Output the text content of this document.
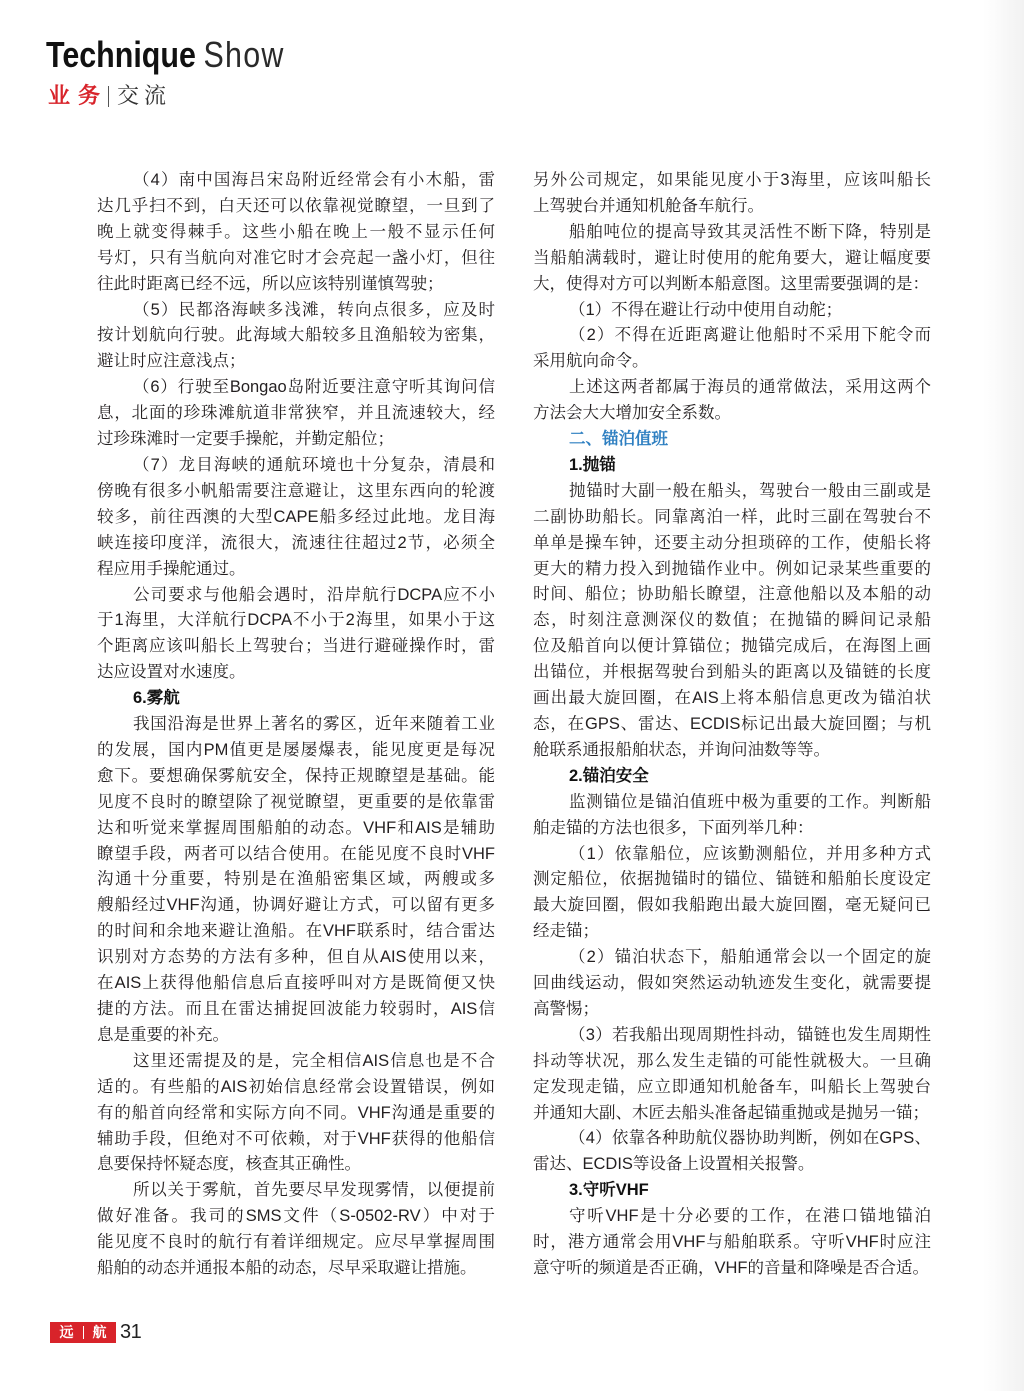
Technique Show
业务 交流
（4）南中国海吕宋岛附近经常会有小木船，雷
达几乎扫不到，白天还可以依靠视觉瞭望，一旦到了
晚上就变得棘手。这些小船在晚上一般不显示任何
号灯，只有当航向对准它时才会亮起一盏小灯，但往
往此时距离已经不远，所以应该特别谨慎驾驶；
（5）民都洛海峡多浅滩，转向点很多，应及时
按计划航向行驶。此海域大船较多且渔船较为密集，
避让时应注意浅点；
（6）行驶至Bongao岛附近要注意守听其询问信
息，北面的珍珠滩航道非常狭窄，并且流速较大，经
过珍珠滩时一定要手操舵，并勤定船位；
（7）龙目海峡的通航环境也十分复杂，清晨和
傍晚有很多小帆船需要注意避让，这里东西向的轮渡
较多，前往西澳的大型CAPE船多经过此地。龙目海
峡连接印度洋，流很大，流速往往超过2节，必须全
程应用手操舵通过。
公司要求与他船会遇时，沿岸航行DCPA应不小
于1海里，大洋航行DCPA不小于2海里，如果小于这
个距离应该叫船长上驾驶台；当进行避碰操作时，雷
达应设置对水速度。
6.雾航
我国沿海是世界上著名的雾区，近年来随着工业
的发展，国内PM值更是屡屡爆表，能见度更是每况
愈下。要想确保雾航安全，保持正规瞭望是基础。能
见度不良时的瞭望除了视觉瞭望，更重要的是依靠雷
达和听觉来掌握周围船舶的动态。VHF和AIS是辅助
瞭望手段，两者可以结合使用。在能见度不良时VHF
沟通十分重要，特别是在渔船密集区域，两艘或多
艘船经过VHF沟通，协调好避让方式，可以留有更多
的时间和余地来避让渔船。在VHF联系时，结合雷达
识别对方态势的方法有多种，但自从AIS使用以来，
在AIS上获得他船信息后直接呼叫对方是既简便又快
捷的方法。而且在雷达捕捉回波能力较弱时，AIS信
息是重要的补充。
这里还需提及的是，完全相信AIS信息也是不合
适的。有些船的AIS初始信息经常会设置错误，例如
有的船首向经常和实际方向不同。VHF沟通是重要的
辅助手段，但绝对不可依赖，对于VHF获得的他船信
息要保持怀疑态度，核查其正确性。
所以关于雾航，首先要尽早发现雾情，以便提前
做好准备。我司的SMS文件（S-0502-RV）中对于
能见度不良时的航行有着详细规定。应尽早掌握周围
船舶的动态并通报本船的动态，尽早采取避让措施。
另外公司规定，如果能见度小于3海里，应该叫船长
上驾驶台并通知机舱备车航行。
船舶吨位的提高导致其灵活性不断下降，特别是
当船舶满载时，避让时使用的舵角要大，避让幅度要
大，使得对方可以判断本船意图。这里需要强调的是：
（1）不得在避让行动中使用自动舵；
（2）不得在近距离避让他船时不采用下舵令而
采用航向命令。
上述这两者都属于海员的通常做法，采用这两个
方法会大大增加安全系数。
二、锚泊值班
1.抛锚
抛锚时大副一般在船头，驾驶台一般由三副或是
二副协助船长。同靠离泊一样，此时三副在驾驶台不
单单是操车钟，还要主动分担琐碎的工作，使船长将
更大的精力投入到抛锚作业中。例如记录某些重要的
时间、船位；协助船长瞭望，注意他船以及本船的动
态，时刻注意测深仪的数值；在抛锚的瞬间记录船
位及船首向以便计算锚位；抛锚完成后，在海图上画
出锚位，并根据驾驶台到船头的距离以及锚链的长度
画出最大旋回圈，在AIS上将本船信息更改为锚泊状
态，在GPS、雷达、ECDIS标记出最大旋回圈；与机
舱联系通报船舶状态，并询问油数等等。
2.锚泊安全
监测锚位是锚泊值班中极为重要的工作。判断船
舶走锚的方法也很多，下面列举几种：
（1）依靠船位，应该勤测船位，并用多种方式
测定船位，依据抛锚时的锚位、锚链和船舶长度设定
最大旋回圈，假如我船跑出最大旋回圈，毫无疑问已
经走锚；
（2）锚泊状态下，船舶通常会以一个固定的旋
回曲线运动，假如突然运动轨迹发生变化，就需要提
高警惕；
（3）若我船出现周期性抖动，锚链也发生周期性
抖动等状况，那么发生走锚的可能性就极大。一旦确
定发现走锚，应立即通知机舱备车，叫船长上驾驶台
并通知大副、木匠去船头准备起锚重抛或是抛另一锚；
（4）依靠各种助航仪器协助判断，例如在GPS、
雷达、ECDIS等设备上设置相关报警。
3.守听VHF
守听VHF是十分必要的工作，在港口锚地锚泊
时，港方通常会用VHF与船舶联系。守听VHF时应注
意守听的频道是否正确，VHF的音量和降噪是否合适。
远 航 31
